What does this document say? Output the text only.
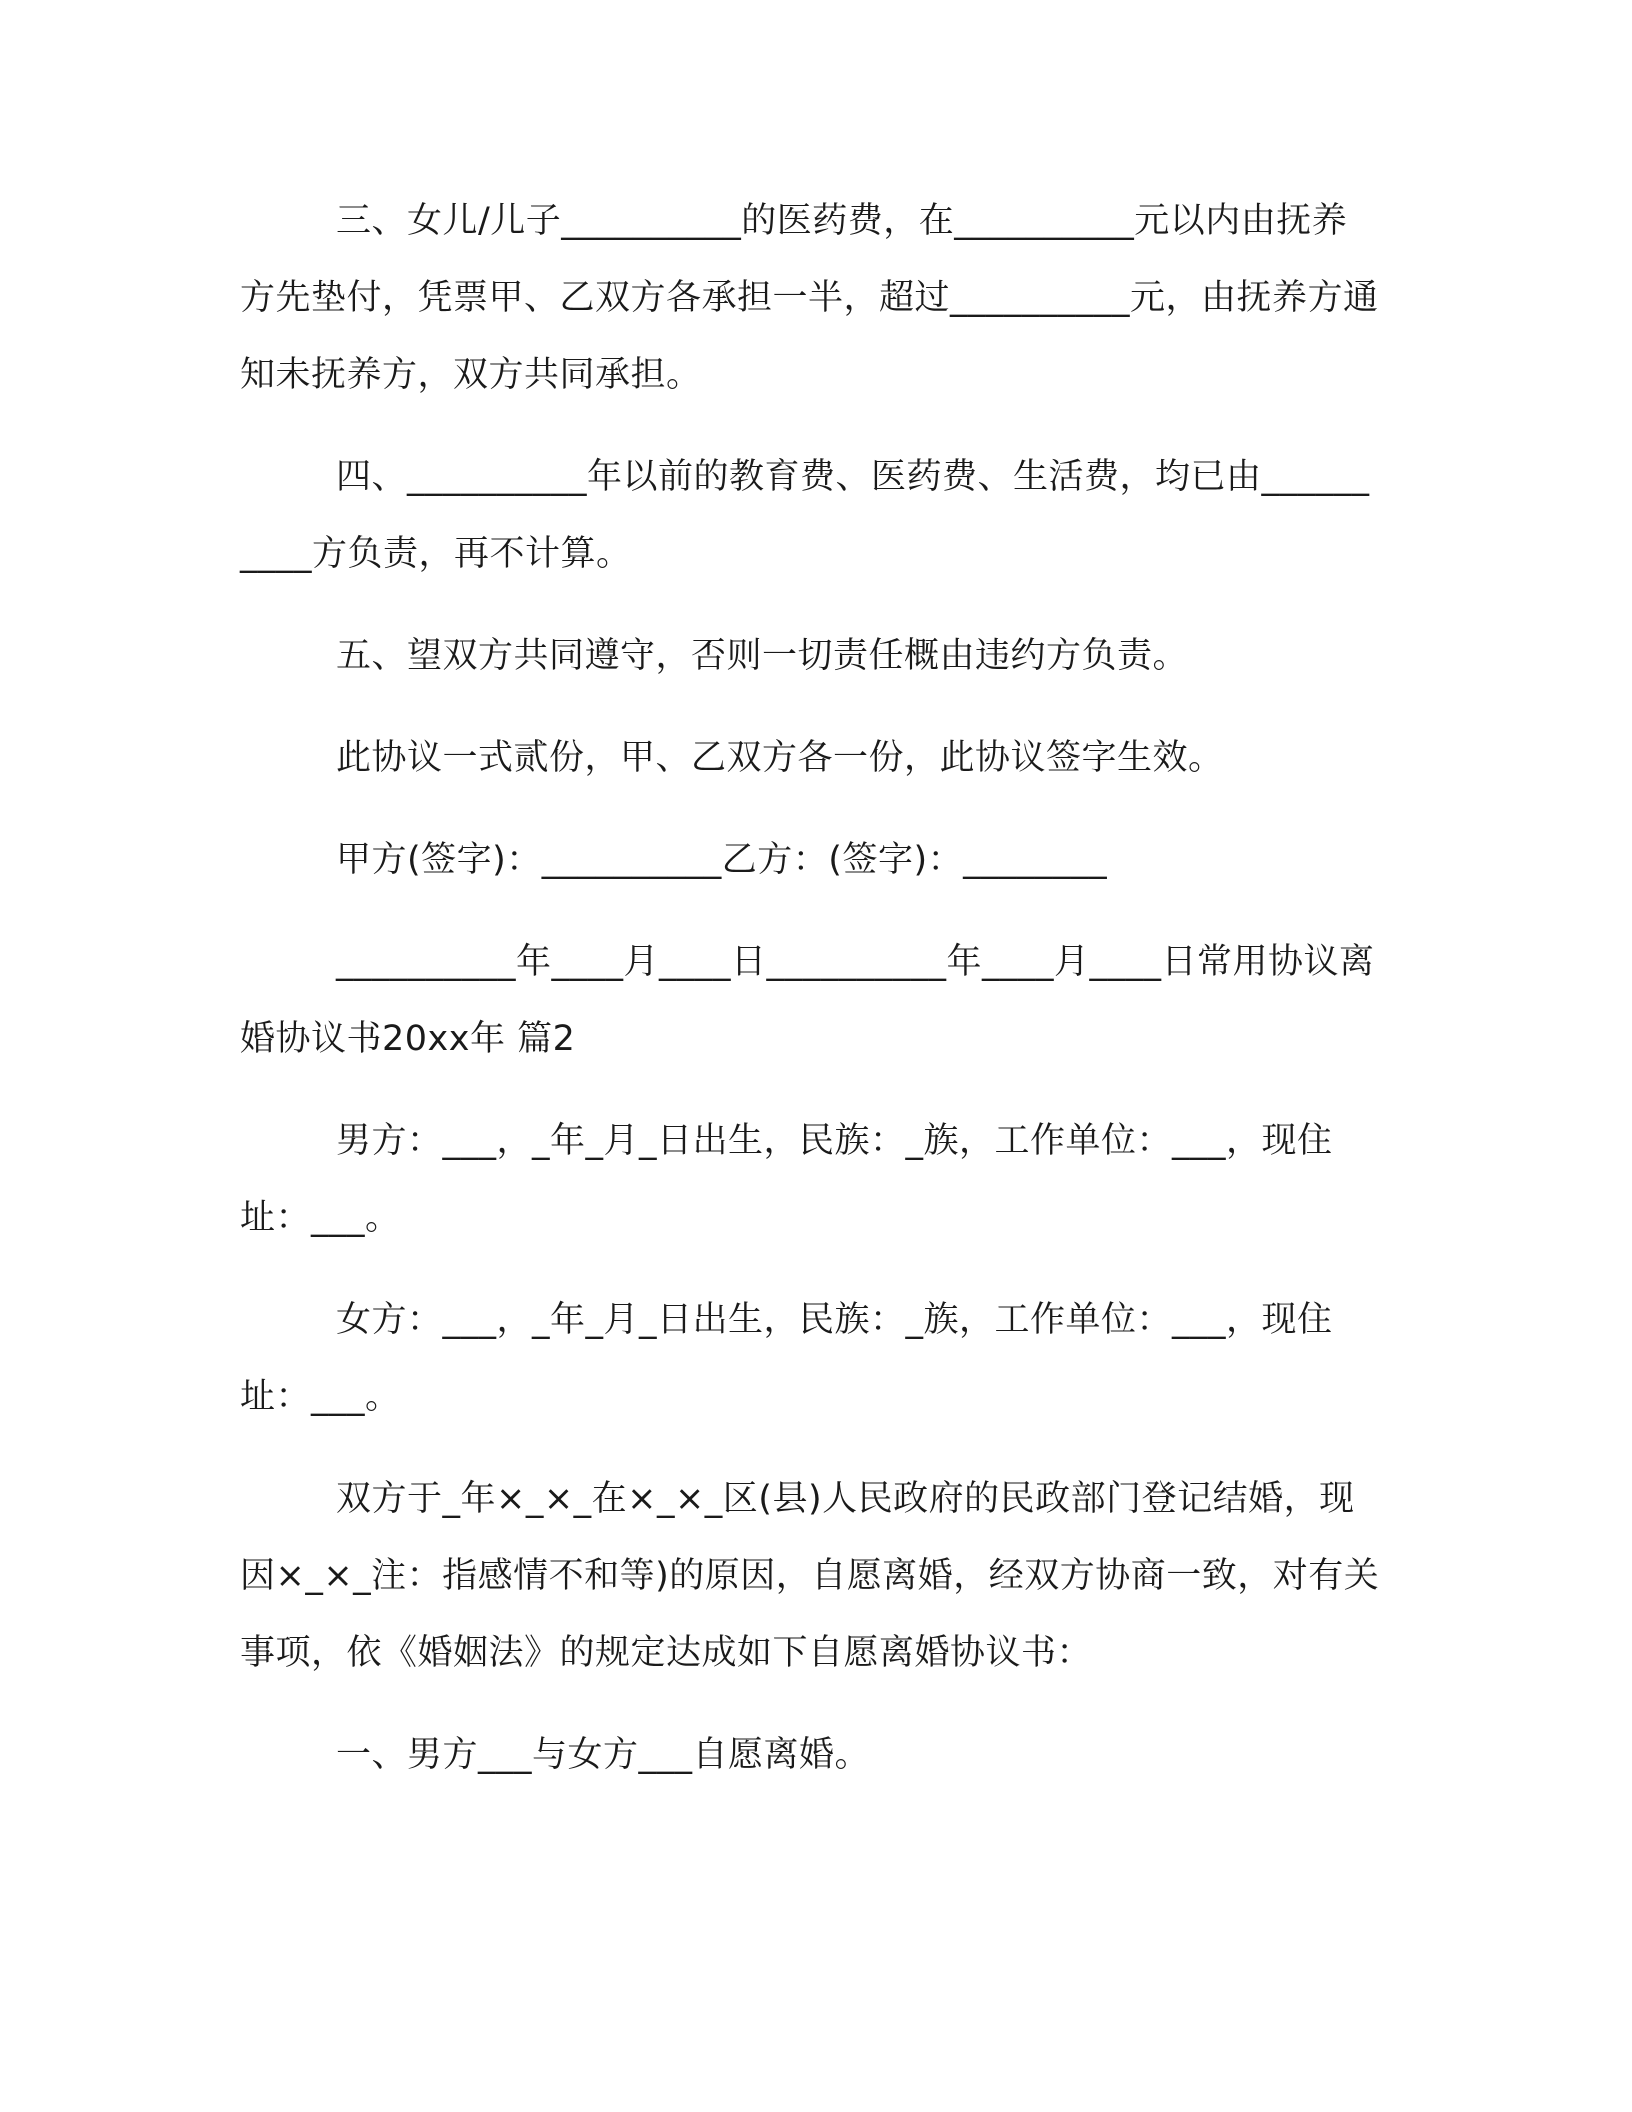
三、女儿/儿子__________的医药费，在__________元以内由抚养方先垫付，凭票甲、乙双方各承担一半，超过__________元，由抚养方通知未抚养方，双方共同承担。

四、__________年以前的教育费、医药费、生活费，均已由__________方负责，再不计算。

五、望双方共同遵守，否则一切责任概由违约方负责。

此协议一式贰份，甲、乙双方各一份，此协议签字生效。

甲方(签字)：__________乙方：(签字)：________

__________年____月____日__________年____月____日常用协议离婚协议书20xx年 篇2

男方：___，_年_月_日出生，民族：_族，工作单位：___，现住址：___。

女方：___，_年_月_日出生，民族：_族，工作单位：___，现住址：___。

双方于_年×_×_在×_×_区(县)人民政府的民政部门登记结婚，现因×_×_注：指感情不和等)的原因，自愿离婚，经双方协商一致，对有关事项，依《婚姻法》的规定达成如下自愿离婚协议书：

一、男方___与女方___自愿离婚。
